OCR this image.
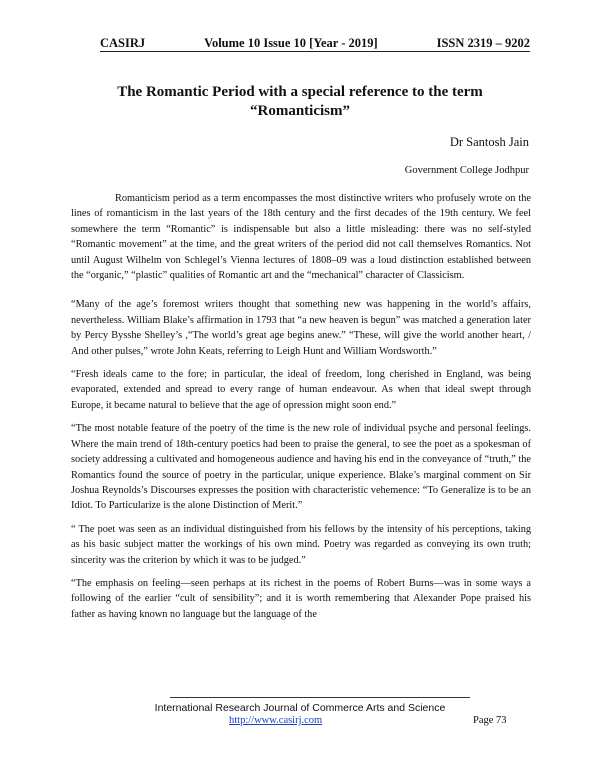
CASIRJ	Volume 10 Issue 10 [Year - 2019]	ISSN 2319 – 9202
The Romantic Period with a special reference to the term
“Romanticism”
Dr Santosh Jain
Government College Jodhpur

Romanticism period as a term encompasses the most distinctive writers who profusely wrote on the lines of romanticism in the last years of the 18th century and the first decades of the 19th century. We feel somewhere the term “Romantic” is indispensable but also a little misleading: there was no self-styled “Romantic movement” at the time, and the great writers of the period did not call themselves Romantics. Not until August Wilhelm von Schlegel’s Vienna lectures of 1808–09 was a loud distinction established between the “organic,” “plastic” qualities of Romantic art and the “mechanical” character of Classicism.

“Many of the age’s foremost writers thought that something new was happening in the world’s affairs, nevertheless. William Blake’s affirmation in 1793 that “a new heaven is begun” was matched a generation later by Percy Bysshe Shelley’s ,“The world’s great age begins anew.” “These, will give the world another heart, / And other pulses,” wrote John Keats, referring to Leigh Hunt and William Wordsworth.”

“Fresh ideals came to the fore; in particular, the ideal of freedom, long cherished in England, was being evaporated, extended and spread to every range of human endeavour. As when that ideal swept through Europe, it became natural to believe that the age of opression might soon end.”

“The most notable feature of the poetry of the time is the new role of individual psyche and personal feelings. Where the main trend of 18th-century poetics had been to praise the general, to see the poet as a spokesman of society addressing a cultivated and homogeneous audience and having his end in the conveyance of “truth,” the Romantics found the source of poetry in the particular, unique experience. Blake’s marginal comment on Sir Joshua Reynolds’s Discourses expresses the position with characteristic vehemence: “To Generalize is to be an Idiot. To Particularize is the alone Distinction of Merit.”

“ The poet was seen as an individual distinguished from his fellows by the intensity of his perceptions, taking as his basic subject matter the workings of his own mind. Poetry was regarded as conveying its own truth; sincerity was the criterion by which it was to be judged.”

“The emphasis on feeling—seen perhaps at its richest in the poems of Robert Burns—was in some ways a following of the earlier “cult of sensibility”; and it is worth remembering that Alexander Pope praised his father as having known no language but the language of the

International Research Journal of Commerce Arts and Science
http://www.casirj.com	Page 73
